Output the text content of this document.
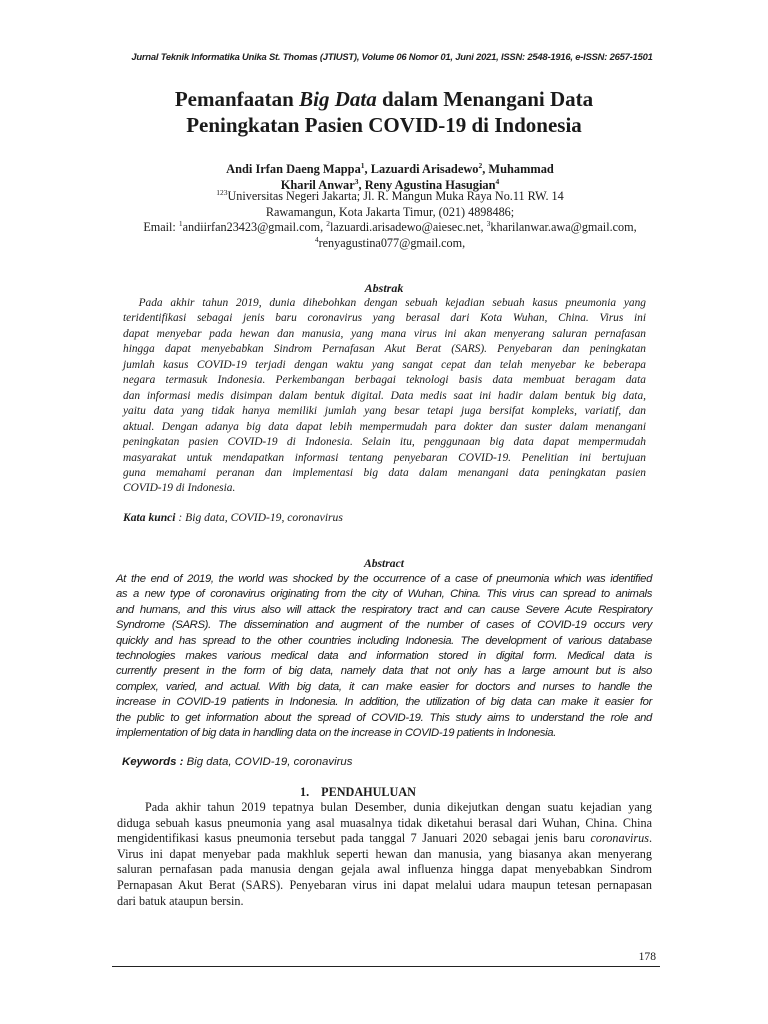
Jurnal Teknik Informatika Unika St. Thomas (JTIUST), Volume 06 Nomor 01, Juni 2021, ISSN: 2548-1916, e-ISSN: 2657-1501
Pemanfaatan Big Data dalam Menangani Data
Peningkatan Pasien COVID-19 di Indonesia
Andi Irfan Daeng Mappa$^1$, Lazuardi Arisadewo$^2$, Muhammad
Kharil Anwar$^3$, Reny Agustina Hasugian$^4$
$^{123}$Universitas Negeri Jakarta; Jl. R. Mangun Muka Raya No.11 RW. 14
Rawamangun, Kota Jakarta Timur, (021) 4898486;
Email: $^1$andiirfan23423@gmail.com, $^2$lazuardi.arisadewo@aiesec.net, $^3$kharilanwar.awa@gmail.com,
$^4$renyagustina077@gmail.com,
Abstrak
Pada akhir tahun 2019, dunia dihebohkan dengan sebuah kejadian sebuah kasus pneumonia yang
teridentifikasi sebagai jenis baru coronavirus yang berasal dari Kota Wuhan, China. Virus ini
dapat menyebar pada hewan dan manusia, yang mana virus ini akan menyerang saluran pernafasan
hingga dapat menyebabkan Sindrom Pernafasan Akut Berat (SARS). Penyebaran dan peningkatan
jumlah kasus COVID-19 terjadi dengan waktu yang sangat cepat dan telah menyebar ke beberapa
negara termasuk Indonesia. Perkembangan berbagai teknologi basis data membuat beragam data
dan informasi medis disimpan dalam bentuk digital. Data medis saat ini hadir dalam bentuk big data,
yaitu data yang tidak hanya memiliki jumlah yang besar tetapi juga bersifat kompleks, variatif, dan
aktual. Dengan adanya big data dapat lebih mempermudah para dokter dan suster dalam menangani
peningkatan pasien COVID-19 di Indonesia. Selain itu, penggunaan big data dapat mempermudah
masyarakat untuk mendapatkan informasi tentang penyebaran COVID-19. Penelitian ini bertujuan
guna memahami peranan dan implementasi big data dalam menangani data peningkatan pasien
COVID-19 di Indonesia.
Kata kunci : Big data, COVID-19, coronavirus
Abstract
At the end of 2019, the world was shocked by the occurrence of a case of pneumonia which was identified
as a new type of coronavirus originating from the city of Wuhan, China. This virus can spread to animals
and humans, and this virus also will attack the respiratory tract and can cause Severe Acute Respiratory
Syndrome (SARS). The dissemination and augment of the number of cases of COVID-19 occurs very
quickly and has spread to the other countries including Indonesia. The development of various database
technologies makes various medical data and information stored in digital form. Medical data is
currently present in the form of big data, namely data that not only has a large amount but is also
complex, varied, and actual. With big data, it can make easier for doctors and nurses to handle the
increase in COVID-19 patients in Indonesia. In addition, the utilization of big data can make it easier for
the public to get information about the spread of COVID-19. This study aims to understand the role and
implementation of big data in handling data on the increase in COVID-19 patients in Indonesia.
Keywords : Big data, COVID-19, coronavirus
1. PENDAHULUAN
Pada akhir tahun 2019 tepatnya bulan Desember, dunia dikejutkan dengan suatu kejadian yang
diduga sebuah kasus pneumonia yang asal muasalnya tidak diketahui berasal dari Wuhan, China. China
mengidentifikasi kasus pneumonia tersebut pada tanggal 7 Januari 2020 sebagai jenis baru coronavirus.
Virus ini dapat menyebar pada makhluk seperti hewan dan manusia, yang biasanya akan menyerang
saluran pernafasan pada manusia dengan gejala awal influenza hingga dapat menyebabkan Sindrom
Pernapasan Akut Berat (SARS). Penyebaran virus ini dapat melalui udara maupun tetesan pernapasan
dari batuk ataupun bersin.
178
